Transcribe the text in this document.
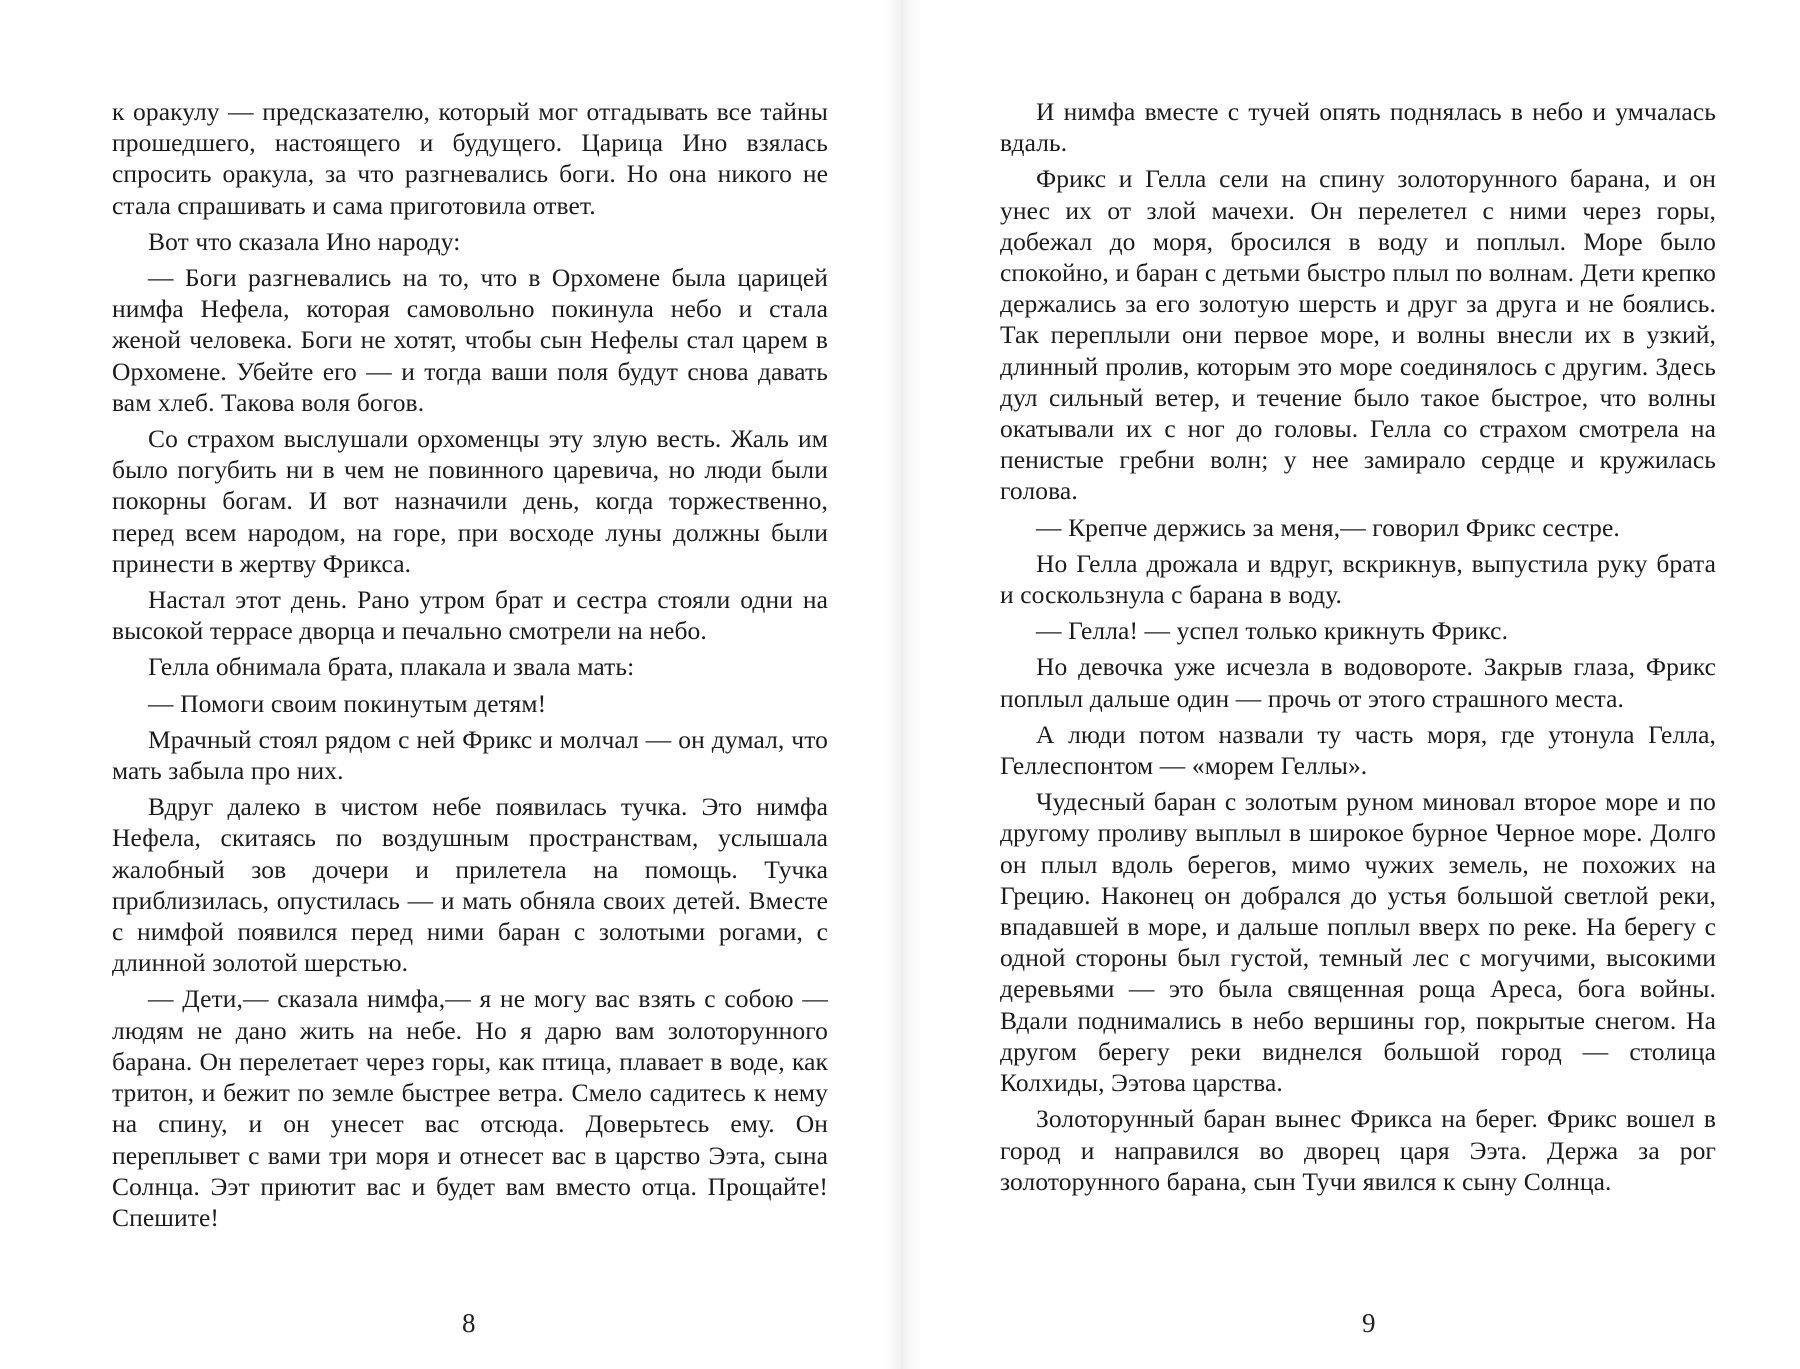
к оракулу — предсказателю, который мог отгадывать все тайны прошедшего, настоящего и будущего. Царица Ино взялась спросить оракула, за что разгневались боги. Но она никого не стала спрашивать и сама приготовила ответ.

Вот что сказала Ино народу:

— Боги разгневались на то, что в Орхомене была царицей нимфа Нефела, которая самовольно покинула небо и стала женой человека. Боги не хотят, чтобы сын Нефелы стал царем в Орхомене. Убейте его — и тогда ваши поля будут снова давать вам хлеб. Такова воля богов.

Со страхом выслушали орхоменцы эту злую весть. Жаль им было погубить ни в чем не повинного царевича, но люди были покорны богам. И вот назначили день, когда торжественно, перед всем народом, на горе, при восходе луны должны были принести в жертву Фрикса.

Настал этот день. Рано утром брат и сестра стояли одни на высокой террасе дворца и печально смотрели на небо.

Гелла обнимала брата, плакала и звала мать:

— Помоги своим покинутым детям!

Мрачный стоял рядом с ней Фрикс и молчал — он думал, что мать забыла про них.

Вдруг далеко в чистом небе появилась тучка. Это нимфа Нефела, скитаясь по воздушным пространствам, услышала жалобный зов дочери и прилетела на помощь. Тучка приблизилась, опустилась — и мать обняла своих детей. Вместе с нимфой появился перед ними баран с золотыми рогами, с длинной золотой шерстью.

— Дети,— сказала нимфа,— я не могу вас взять с собою — людям не дано жить на небе. Но я дарю вам золоторунного барана. Он перелетает через горы, как птица, плавает в воде, как тритон, и бежит по земле быстрее ветра. Смело садитесь к нему на спину, и он унесет вас отсюда. Доверьтесь ему. Он переплывет с вами три моря и отнесет вас в царство Ээта, сына Солнца. Ээт приютит вас и будет вам вместо отца. Прощайте! Спешите!

И нимфа вместе с тучей опять поднялась в небо и умчалась вдаль.

Фрикс и Гелла сели на спину золоторунного барана, и он унес их от злой мачехи. Он перелетел с ними через горы, добежал до моря, бросился в воду и поплыл. Море было спокойно, и баран с детьми быстро плыл по волнам. Дети крепко держались за его золотую шерсть и друг за друга и не боялись. Так переплыли они первое море, и волны внесли их в узкий, длинный пролив, которым это море соединялось с другим. Здесь дул сильный ветер, и течение было такое быстрое, что волны окатывали их с ног до головы. Гелла со страхом смотрела на пенистые гребни волн; у нее замирало сердце и кружилась голова.

— Крепче держись за меня,— говорил Фрикс сестре.

Но Гелла дрожала и вдруг, вскрикнув, выпустила руку брата и соскользнула с барана в воду.

— Гелла! — успел только крикнуть Фрикс.

Но девочка уже исчезла в водовороте. Закрыв глаза, Фрикс поплыл дальше один — прочь от этого страшного места.

А люди потом назвали ту часть моря, где утонула Гелла, Геллеспонтом — «морем Геллы».

Чудесный баран с золотым руном миновал второе море и по другому проливу выплыл в широкое бурное Черное море. Долго он плыл вдоль берегов, мимо чужих земель, не похожих на Грецию. Наконец он добрался до устья большой светлой реки, впадавшей в море, и дальше поплыл вверх по реке. На берегу с одной стороны был густой, темный лес с могучими, высокими деревьями — это была священная роща Ареса, бога войны. Вдали поднимались в небо вершины гор, покрытые снегом. На другом берегу реки виднелся большой город — столица Колхиды, Ээтова царства.

Золоторунный баран вынес Фрикса на берег. Фрикс вошел в город и направился во дворец царя Ээта. Держа за рог золоторунного барана, сын Тучи явился к сыну Солнца.

8	9
